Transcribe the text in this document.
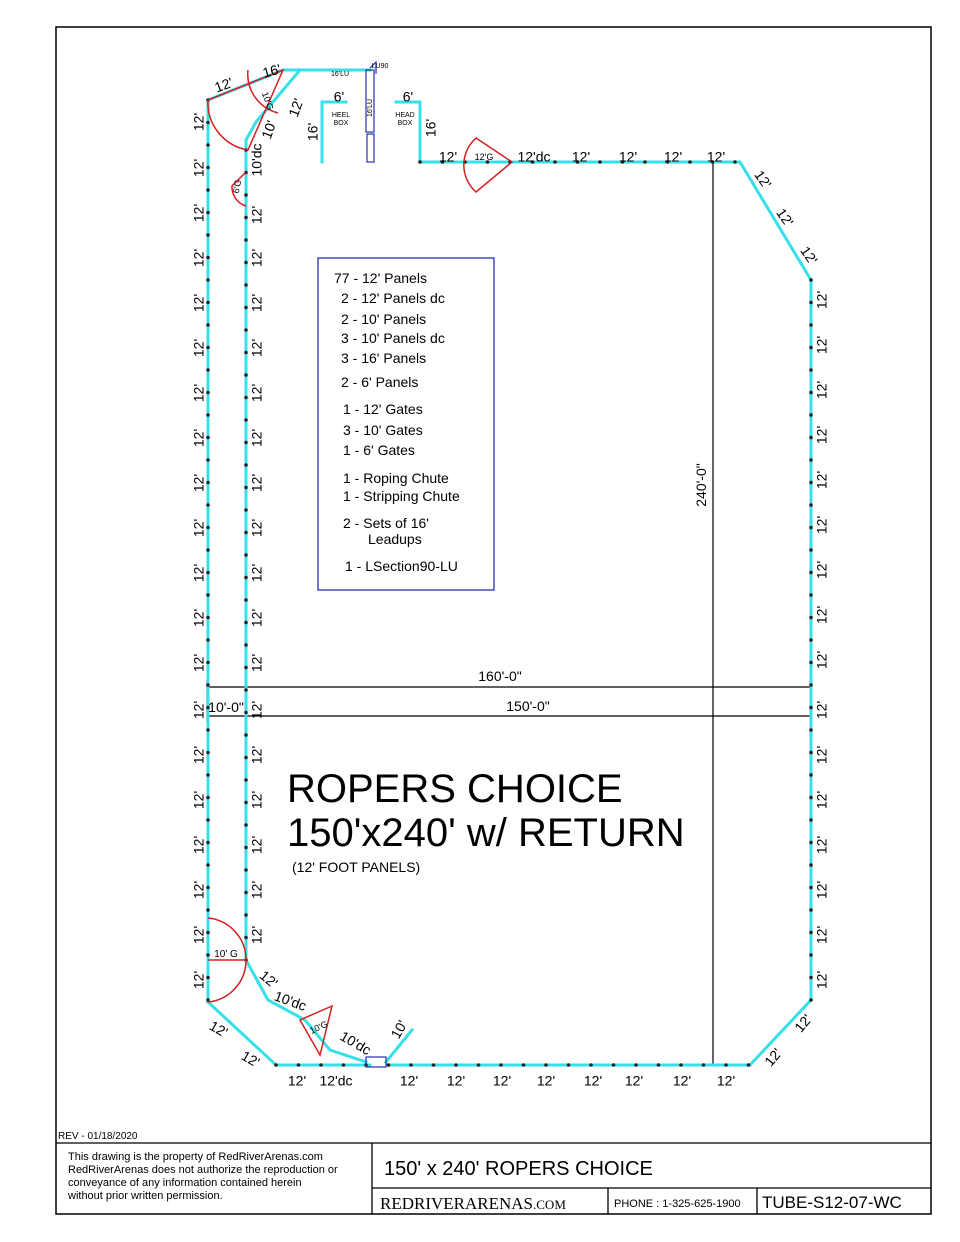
12'
12'
12'
12'
12'
12'
12'
12'
12'
12'
12'
12'
12'
12'
12'
12'
12'
12'
12'
12'
12'
12'
12'
12'
12'
12'
12'
12'
12'
12'
12'
12'
12'
12'
12'
12'
12'
10'dc
10'
12'
12'
16'
6'
16'
6'
16'
12'	12'dc 12' 12' 12' 12'
12'
12'
12'
12'
12'
12'
12'
12'
12'
12'
12'
12'
12'
12'
12'
12'
12'
12'
12'
12'
12'
12' 12' 12' 12' 12' 12' 12' 12'
12'dc
12'
12'
12'
12'
10'dc
10'dc 10'
16'LU
LU90
16'LU
HEEL
BOX
HEAD
BOX
10'G
12'G
6'G
10' G
10'G
160'-0"
150'-0"
240'-0"
10'-0"
77 - 12' Panels
2 - 12' Panels dc
2 - 10' Panels
3 - 10' Panels dc
3 - 16' Panels
2 - 6' Panels
1 - 12' Gates
3 - 10' Gates
1 - 6' Gates
1 - Roping Chute
1 - Stripping Chute
2 - Sets of 16'
Leadups
1 - LSection90-LU
ROPERS CHOICE
150'x240' w/ RETURN
(12' FOOT PANELS)
REV - 01/18/2020
This drawing is the property of RedRiverArenas.com
RedRiverArenas does not authorize the reproduction or
conveyance of any information contained herein
without prior written permission.
150' x 240' ROPERS CHOICE
REDRIVERARENAS.COM	PHONE : 1-325-625-1900 TUBE-S12-07-WC
